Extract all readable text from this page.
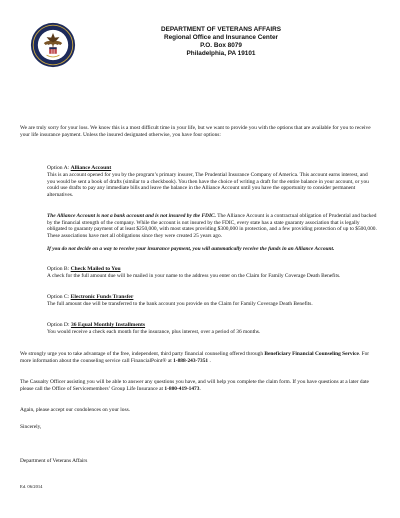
DEPARTMENT OF VETERANS AFFAIRS
Regional Office and Insurance Center
P.O. Box 8079
Philadelphia, PA 19101

We are truly sorry for your loss. We know this is a most difficult time in your life, but we want to provide you with the options that are available for you to receive your life insurance payment. Unless the insured designated otherwise, you have four options:

Option A: Alliance Account

This is an account opened for you by the program’s primary insurer, The Prudential Insurance Company of America. This account earns interest, and you would be sent a book of drafts (similar to a checkbook). You then have the choice of writing a draft for the entire balance in your account, or you could use drafts to pay any immediate bills and leave the balance in the Alliance Account until you have the opportunity to consider permanent alternatives.

The Alliance Account is not a bank account and is not insured by the FDIC. The Alliance Account is a contractual obligation of Prudential and backed by the financial strength of the company. While the account is not insured by the FDIC, every state has a state guaranty association that is legally obligated to guaranty payment of at least $250,000, with most states providing $300,000 in protection, and a few providing protection of up to $500,000. These associations have met all obligations since they were created 25 years ago.

If you do not decide on a way to receive your insurance payment, you will automatically receive the funds in an Alliance Account.

Option B: Check Mailed to You

A check for the full amount due will be mailed in your name to the address you enter on the Claim for Family Coverage Death Benefits.

Option C: Electronic Funds Transfer

The full amount due will be transferred to the bank account you provide on the Claim for Family Coverage Death Benefits.

Option D: 36 Equal Monthly Installments

You would receive a check each month for the insurance, plus interest, over a period of 36 months.

We strongly urge you to take advantage of the free, independent, third party financial counseling offered through Beneficiary Financial Counseling Service. For more information about the counseling service call FinancialPoint® at 1-888-243-7351 .

The Casualty Officer assisting you will be able to answer any questions you have, and will help you complete the claim form. If you have questions at a later date please call the Office of Servicemembers’ Group Life Insurance at 1-800-419-1473.

Again, please accept our condolences on your loss.

Sincerely,

Department of Veterans Affairs

Ed. 06/2014
